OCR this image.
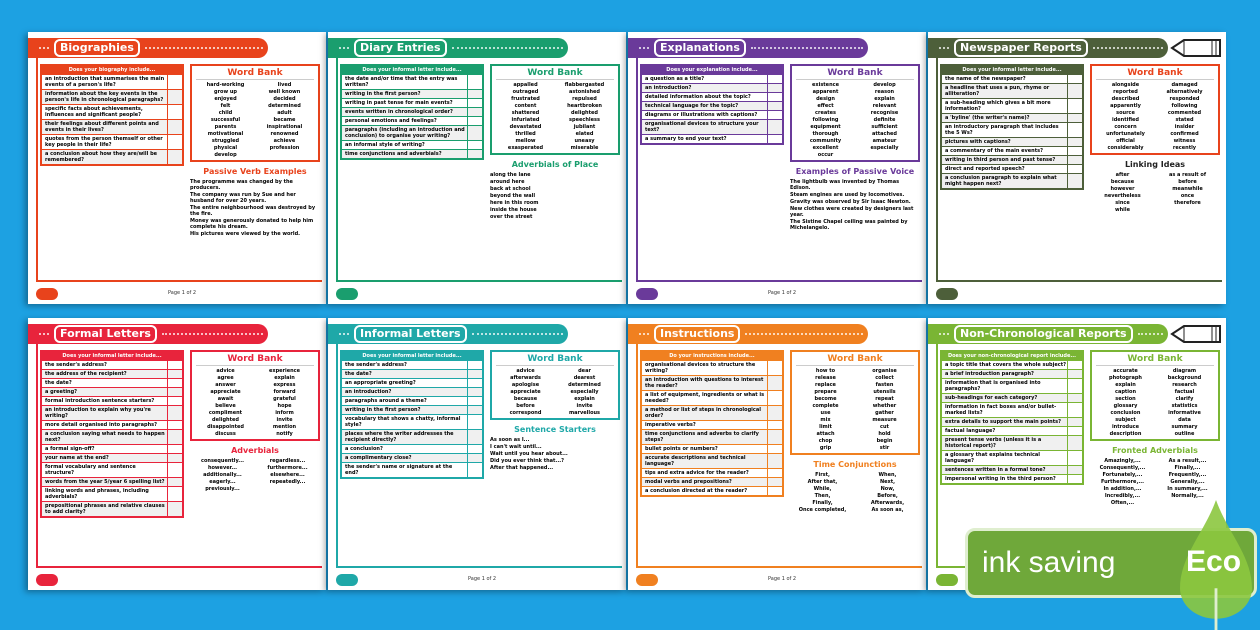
Biographies
Does your biography include...
an introduction that summarises the main events of a person's life?
information about the key events in the person's life in chronological paragraphs?
specific facts about achievements, influences and significant people?
their feelings about different points and events in their lives?
quotes from the person themself or other key people in their life?
a conclusion about how they are/will be remembered?
Word Bank
hard-working	lived
grow up	well known
enjoyed	decided
felt	determined
child	adult
successful	became
parents	inspirational
motivational	renowned
struggled	achieve
physical	profession
develop
Passive Verb Examples
The programme was changed by the producers.
The company was run by Sue and her husband for over 20 years.
The entire neighbourhood was destroyed by the fire.
Money was generously donated to help him complete his dream.
His pictures were viewed by the world.
Page 1 of 2
Diary Entries
Does your informal letter include...
the date and/or time that the entry was written?
writing in the first person?
writing in past tense for main events?
events written in chronological order?
personal emotions and feelings?
paragraphs (including an introduction and conclusion) to organise your writing?
an informal style of writing?
time conjunctions and adverbials?
Word Bank
appalled	flabbergasted
outraged	astonished
frustrated	repulsed
content	heartbroken
shattered	delighted
infuriated	speechless
devastated	jubilant
thrilled	elated
mellow	uneasy
exasperated	miserable
Adverbials of Place
along the lane
around here
back at school
beyond the wall
here in this room
inside the house
over the street
Explanations
Does your explanation include...
a question as a title?
an introduction?
detailed information about the topic?
technical language for the topic?
diagrams or illustrations with captions?
organisational devices to structure your text?
a summary to end your text?
Word Bank
existence	develop
apparent	reason
design	explain
effect	relevant
creates	recognise
following	definite
equipment	sufficient
thorough	attached
community	amateur
excellent	especially
occur
Examples of Passive Voice
The lightbulb was invented by Thomas Edison.
Steam engines are used by locomotives.
Gravity was observed by Sir Isaac Newton.
New clothes were created by designers last year.
The Sistine Chapel ceiling was painted by Michelangelo.
Page 1 of 2
Newspaper Reports
Does your informal letter include...
the name of the newspaper?
a headline that uses a pun, rhyme or alliteration?
a sub-heading which gives a bit more information?
a 'byline' (the writer's name)?
an introductory paragraph that includes the 5 Ws?
pictures with captions?
a commentary of the main events?
writing in third person and past tense?
direct and reported speech?
a conclusion paragraph to explain what might happen next?
Word Bank
alongside	damaged
reported	alternatively
described	responded
apparently	following
source	commented
identified	stated
concern	insider
unfortunately	confirmed
official	witness
considerably	recently
Linking Ideas
after	as a result of
because	before
however	meanwhile
nevertheless	once
since	therefore
while
Formal Letters
Does your informal letter include...
the sender's address?
the address of the recipient?
the date?
a greeting?
formal introduction sentence starters?
an introduction to explain why you're writing?
more detail organised into paragraphs?
a conclusion saying what needs to happen next?
a formal sign-off?
your name at the end?
formal vocabulary and sentence structure?
words from the year 5/year 6 spelling list?
linking words and phrases, including adverbials?
prepositional phrases and relative clauses to add clarity?
Word Bank
advice	experience
agree	explain
answer	express
appreciate	forward
await	grateful
believe	hope
compliment	inform
delighted	invite
disappointed	mention
discuss	notify
Adverbials
consequently...	regardless...
however...	furthermore...
additionally...	elsewhere...
eagerly...	repeatedly...
previously...
Informal Letters
Does your informal letter include...
the sender's address?
the date?
an appropriate greeting?
an introduction?
paragraphs around a theme?
writing in the first person?
vocabulary that shows a chatty, informal style?
places where the writer addresses the recipient directly?
a conclusion?
a complimentary close?
the sender's name or signature at the end?
Word Bank
advice	dear
afterwards	dearest
apologise	determined
appreciate	especially
because	explain
before	invite
correspond	marvellous
Sentence Starters
As soon as I...
I can't wait until...
Wait until you hear about...
Did you ever think that...?
After that happened...
Page 1 of 2
Instructions
Do your instructions include...
organisational devices to structure the writing?
an introduction with questions to interest the reader?
a list of equipment, ingredients or what is needed?
a method or list of steps in chronological order?
imperative verbs?
time conjunctions and adverbs to clarify steps?
bullet points or numbers?
accurate descriptions and technical language?
tips and extra advice for the reader?
modal verbs and prepositions?
a conclusion directed at the reader?
Word Bank
how to	organise
release	collect
replace	fasten
prepare	utensils
become	repeat
complete	whether
use	gather
mix	measure
limit	cut
attach	hold
chop	begin
grip	stir
Time Conjunctions
First,	When,
After that,	Next,
While,	Now,
Then,	Before,
Finally,	Afterwards,
Once completed,	As soon as,
Page 1 of 2
Non-Chronological Reports
Does your non-chronological report include...
a topic title that covers the whole subject?
a brief introduction paragraph?
information that is organised into paragraphs?
sub-headings for each category?
information in fact boxes and/or bullet-marked lists?
extra details to support the main points?
factual language?
present tense verbs (unless it is a historical report)?
a glossary that explains technical language?
sentences written in a formal tone?
impersonal writing in the third person?
Word Bank
accurate	diagram
photograph	background
explain	research
caption	factual
section	clarify
glossary	statistics
conclusion	informative
subject	data
introduce	summary
description	outline
Fronted Adverbials
Amazingly,...	As a result,...
Consequently,...	Finally,...
Fortunately,...	Frequently,...
Furthermore,...	Generally,...
In addition,...	In summary,...
Incredibly,...	Normally,...
Often,...
ink saving Eco
